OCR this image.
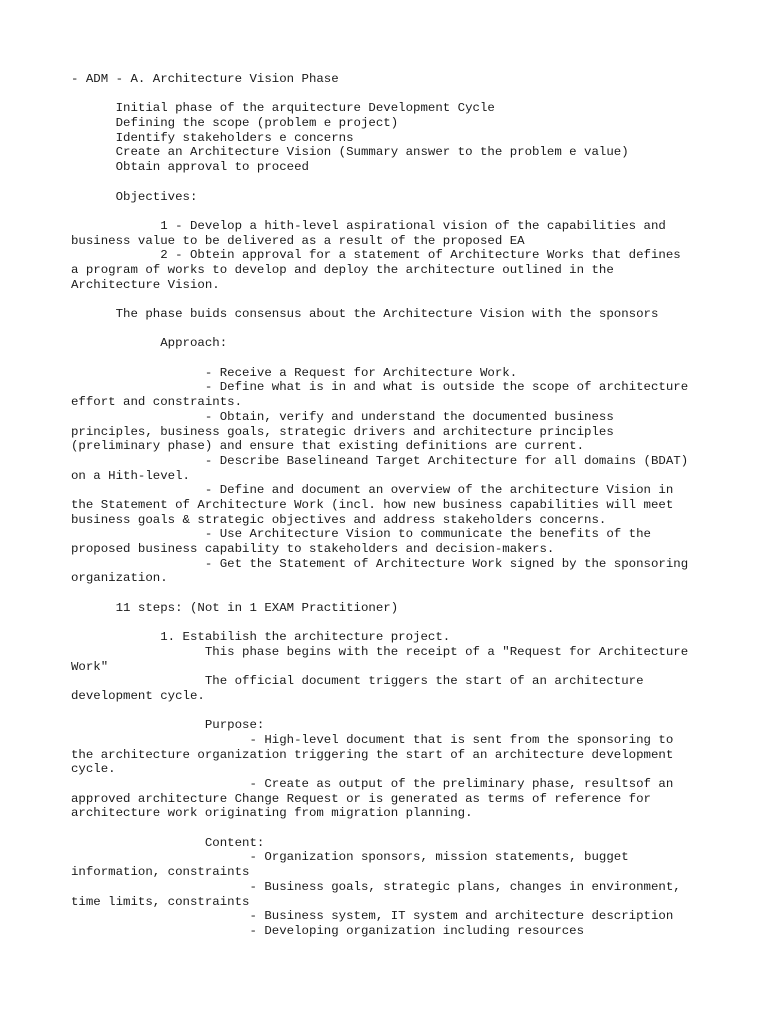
- ADM - A. Architecture Vision Phase
Initial phase of the arquitecture Development Cycle
Defining the scope (problem e project)
Identify stakeholders e concerns
Create an Architecture Vision (Summary answer to the problem e value)
Obtain approval to proceed
Objectives:
1 - Develop a hith-level aspirational vision of the capabilities and
business value to be delivered as a result of the proposed EA
2 - Obtein approval for a statement of Architecture Works that defines
a program of works to develop and deploy the architecture outlined in the
Architecture Vision.
The phase buids consensus about the Architecture Vision with the sponsors
Approach:
- Receive a Request for Architecture Work.
- Define what is in and what is outside the scope of architecture
effort and constraints.
- Obtain, verify and understand the documented business
principles, business goals, strategic drivers and architecture principles
(preliminary phase) and ensure that existing definitions are current.
- Describe Baselineand Target Architecture for all domains (BDAT)
on a Hith-level.
- Define and document an overview of the architecture Vision in
the Statement of Architecture Work (incl. how new business capabilities will meet
business goals & strategic objectives and address stakeholders concerns.
- Use Architecture Vision to communicate the benefits of the
proposed business capability to stakeholders and decision-makers.
- Get the Statement of Architecture Work signed by the sponsoring
organization.
11 steps: (Not in 1 EXAM Practitioner)
1. Estabilish the architecture project.
This phase begins with the receipt of a "Request for Architecture
Work"
The official document triggers the start of an architecture
development cycle.
Purpose:
- High-level document that is sent from the sponsoring to
the architecture organization triggering the start of an architecture development
cycle.
- Create as output of the preliminary phase, resultsof an
approved architecture Change Request or is generated as terms of reference for
architecture work originating from migration planning.
Content:
- Organization sponsors, mission statements, bugget
information, constraints
- Business goals, strategic plans, changes in environment,
time limits, constraints
- Business system, IT system and architecture description
- Developing organization including resources
